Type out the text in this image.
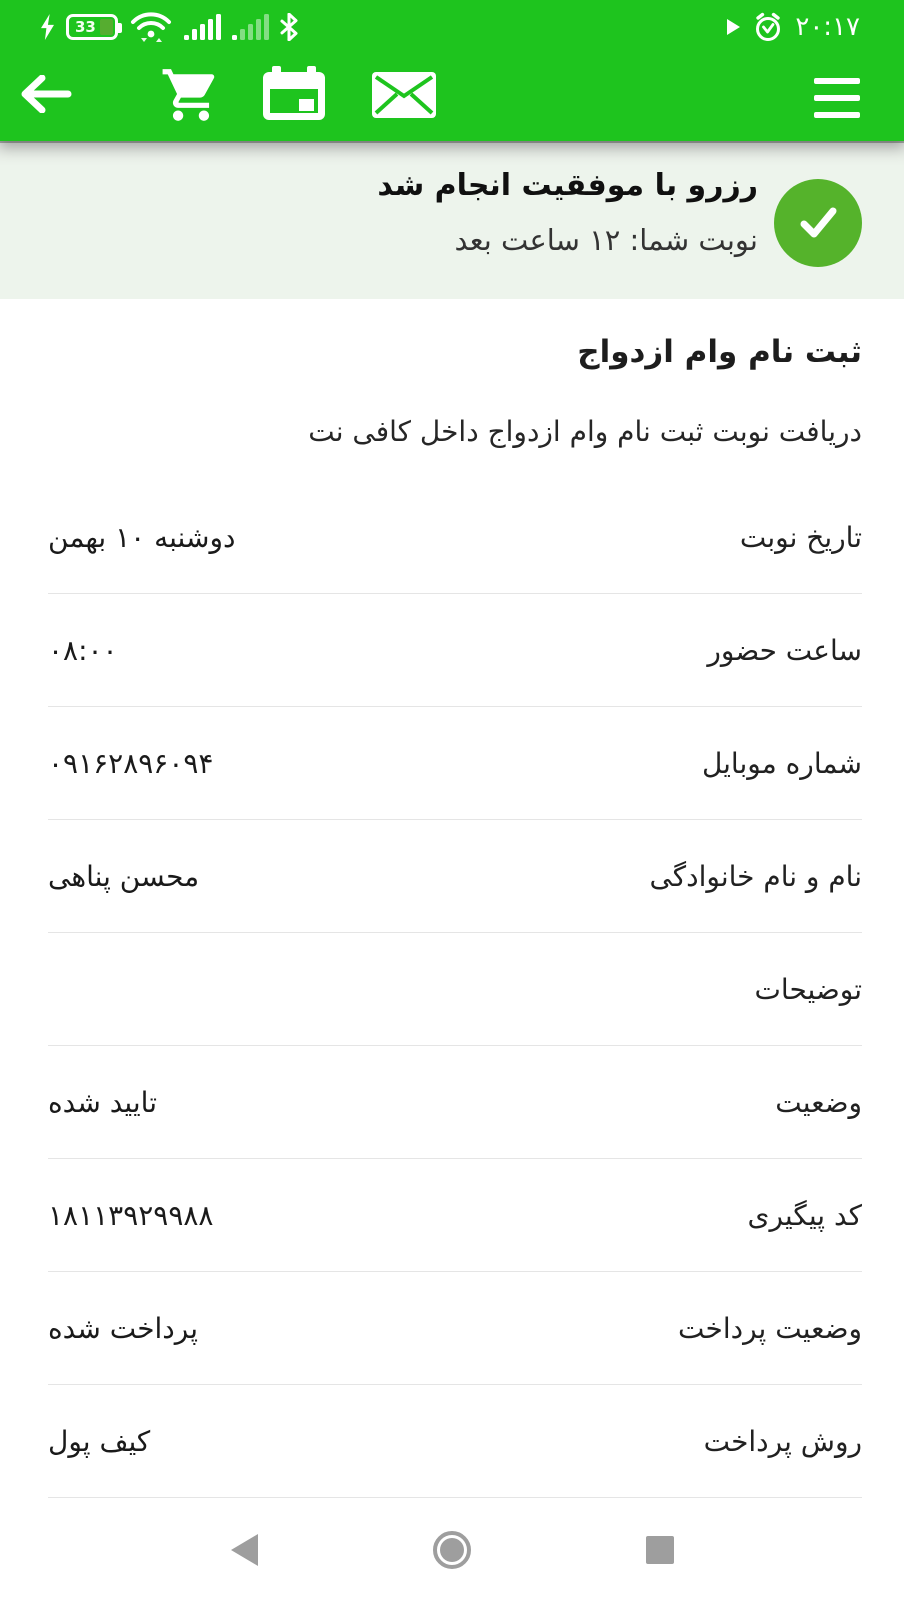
33	۲۰:۱۷
رزرو با موفقیت انجام شد
نوبت شما: ۱۲ ساعت بعد
ثبت نام وام ازدواج

دریافت نوبت ثبت نام وام ازدواج داخل کافی نت

تاریخ نوبت
دوشنبه ۱۰ بهمن
ساعت حضور
۰۸:۰۰
شماره موبایل
۰۹۱۶۲۸۹۶۰۹۴
نام و نام خانوادگی
محسن پناهی
توضیحات
وضعیت
تایید شده
کد پیگیری
۱۸۱۱۳۹۲۹۹۸۸
وضعیت پرداخت
پرداخت شده
روش پرداخت
کیف پول
